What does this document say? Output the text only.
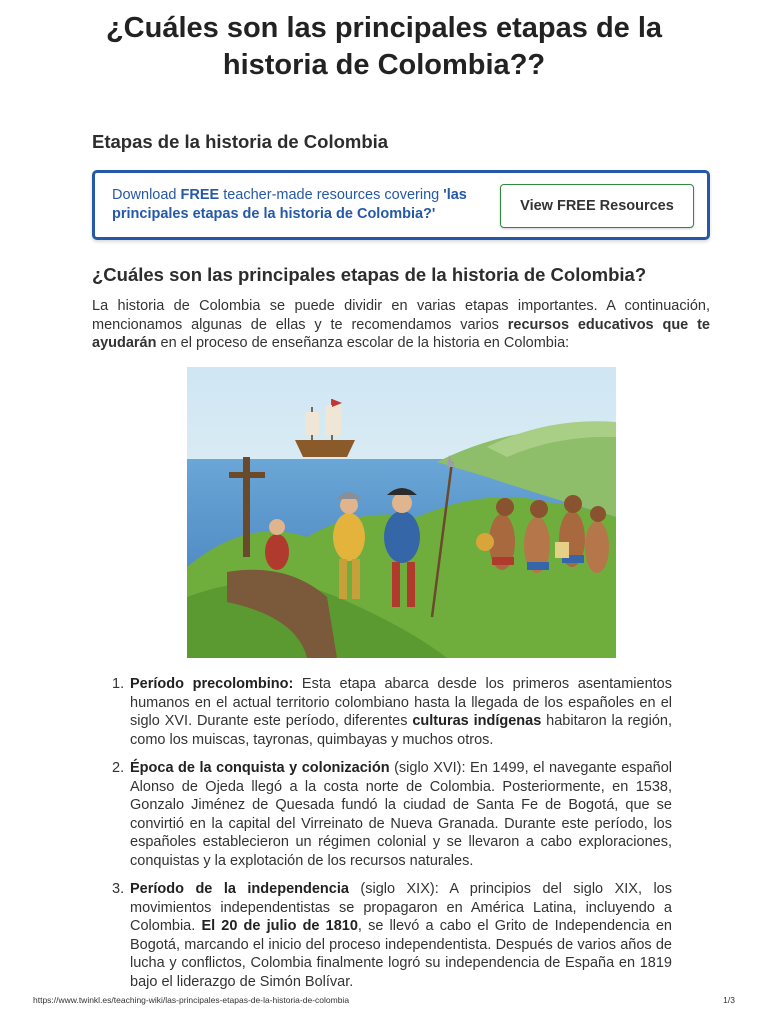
¿Cuáles son las principales etapas de la historia de Colombia??
Etapas de la historia de Colombia

Download FREE teacher-made resources covering 'las principales etapas de la historia de Colombia?'	View FREE Resources
¿Cuáles son las principales etapas de la historia de Colombia?

La historia de Colombia se puede dividir en varias etapas importantes. A continuación, mencionamos algunas de ellas y te recomendamos varios recursos educativos que te ayudarán en el proceso de enseñanza escolar de la historia en Colombia:

1. Período precolombino: Esta etapa abarca desde los primeros asentamientos humanos en el actual territorio colombiano hasta la llegada de los españoles en el siglo XVI. Durante este período, diferentes culturas indígenas habitaron la región, como los muiscas, tayronas, quimbayas y muchos otros.
2. Época de la conquista y colonización (siglo XVI): En 1499, el navegante español Alonso de Ojeda llegó a la costa norte de Colombia. Posteriormente, en 1538, Gonzalo Jiménez de Quesada fundó la ciudad de Santa Fe de Bogotá, que se convirtió en la capital del Virreinato de Nueva Granada. Durante este período, los españoles establecieron un régimen colonial y se llevaron a cabo exploraciones, conquistas y la explotación de los recursos naturales.
3. Período de la independencia (siglo XIX): A principios del siglo XIX, los movimientos independentistas se propagaron en América Latina, incluyendo a Colombia. El 20 de julio de 1810, se llevó a cabo el Grito de Independencia en Bogotá, marcando el inicio del proceso independentista. Después de varios años de lucha y conflictos, Colombia finalmente logró su independencia de España en 1819 bajo el liderazgo de Simón Bolívar.
https://www.twinkl.es/teaching-wiki/las-principales-etapas-de-la-historia-de-colombia	1/3
